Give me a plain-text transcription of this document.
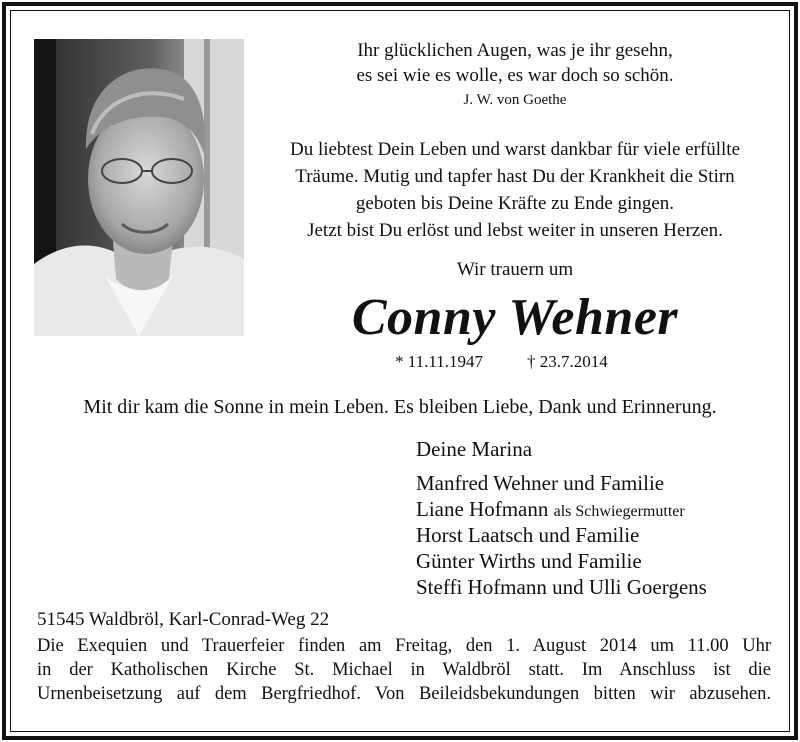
Ihr glücklichen Augen, was je ihr gesehn,
es sei wie es wolle, es war doch so schön.
J. W. von Goethe
Du liebtest Dein Leben und warst dankbar für viele erfüllte
Träume. Mutig und tapfer hast Du der Krankheit die Stirn
geboten bis Deine Kräfte zu Ende gingen.
Jetzt bist Du erlöst und lebst weiter in unseren Herzen.
Wir trauern um
Conny Wehner
* 11.11.1947	† 23.7.2014
Mit dir kam die Sonne in mein Leben. Es bleiben Liebe, Dank und Erinnerung.
Deine Marina
Manfred Wehner und Familie
Liane Hofmann als Schwiegermutter
Horst Laatsch und Familie
Günter Wirths und Familie
Steffi Hofmann und Ulli Goergens
51545 Waldbröl, Karl-Conrad-Weg 22
Die Exequien und Trauerfeier finden am Freitag, den 1. August 2014 um 11.00 Uhr
in der Katholischen Kirche St. Michael in Waldbröl statt. Im Anschluss ist die
Urnenbeisetzung auf dem Bergfriedhof. Von Beileidsbekundungen bitten wir abzusehen.
